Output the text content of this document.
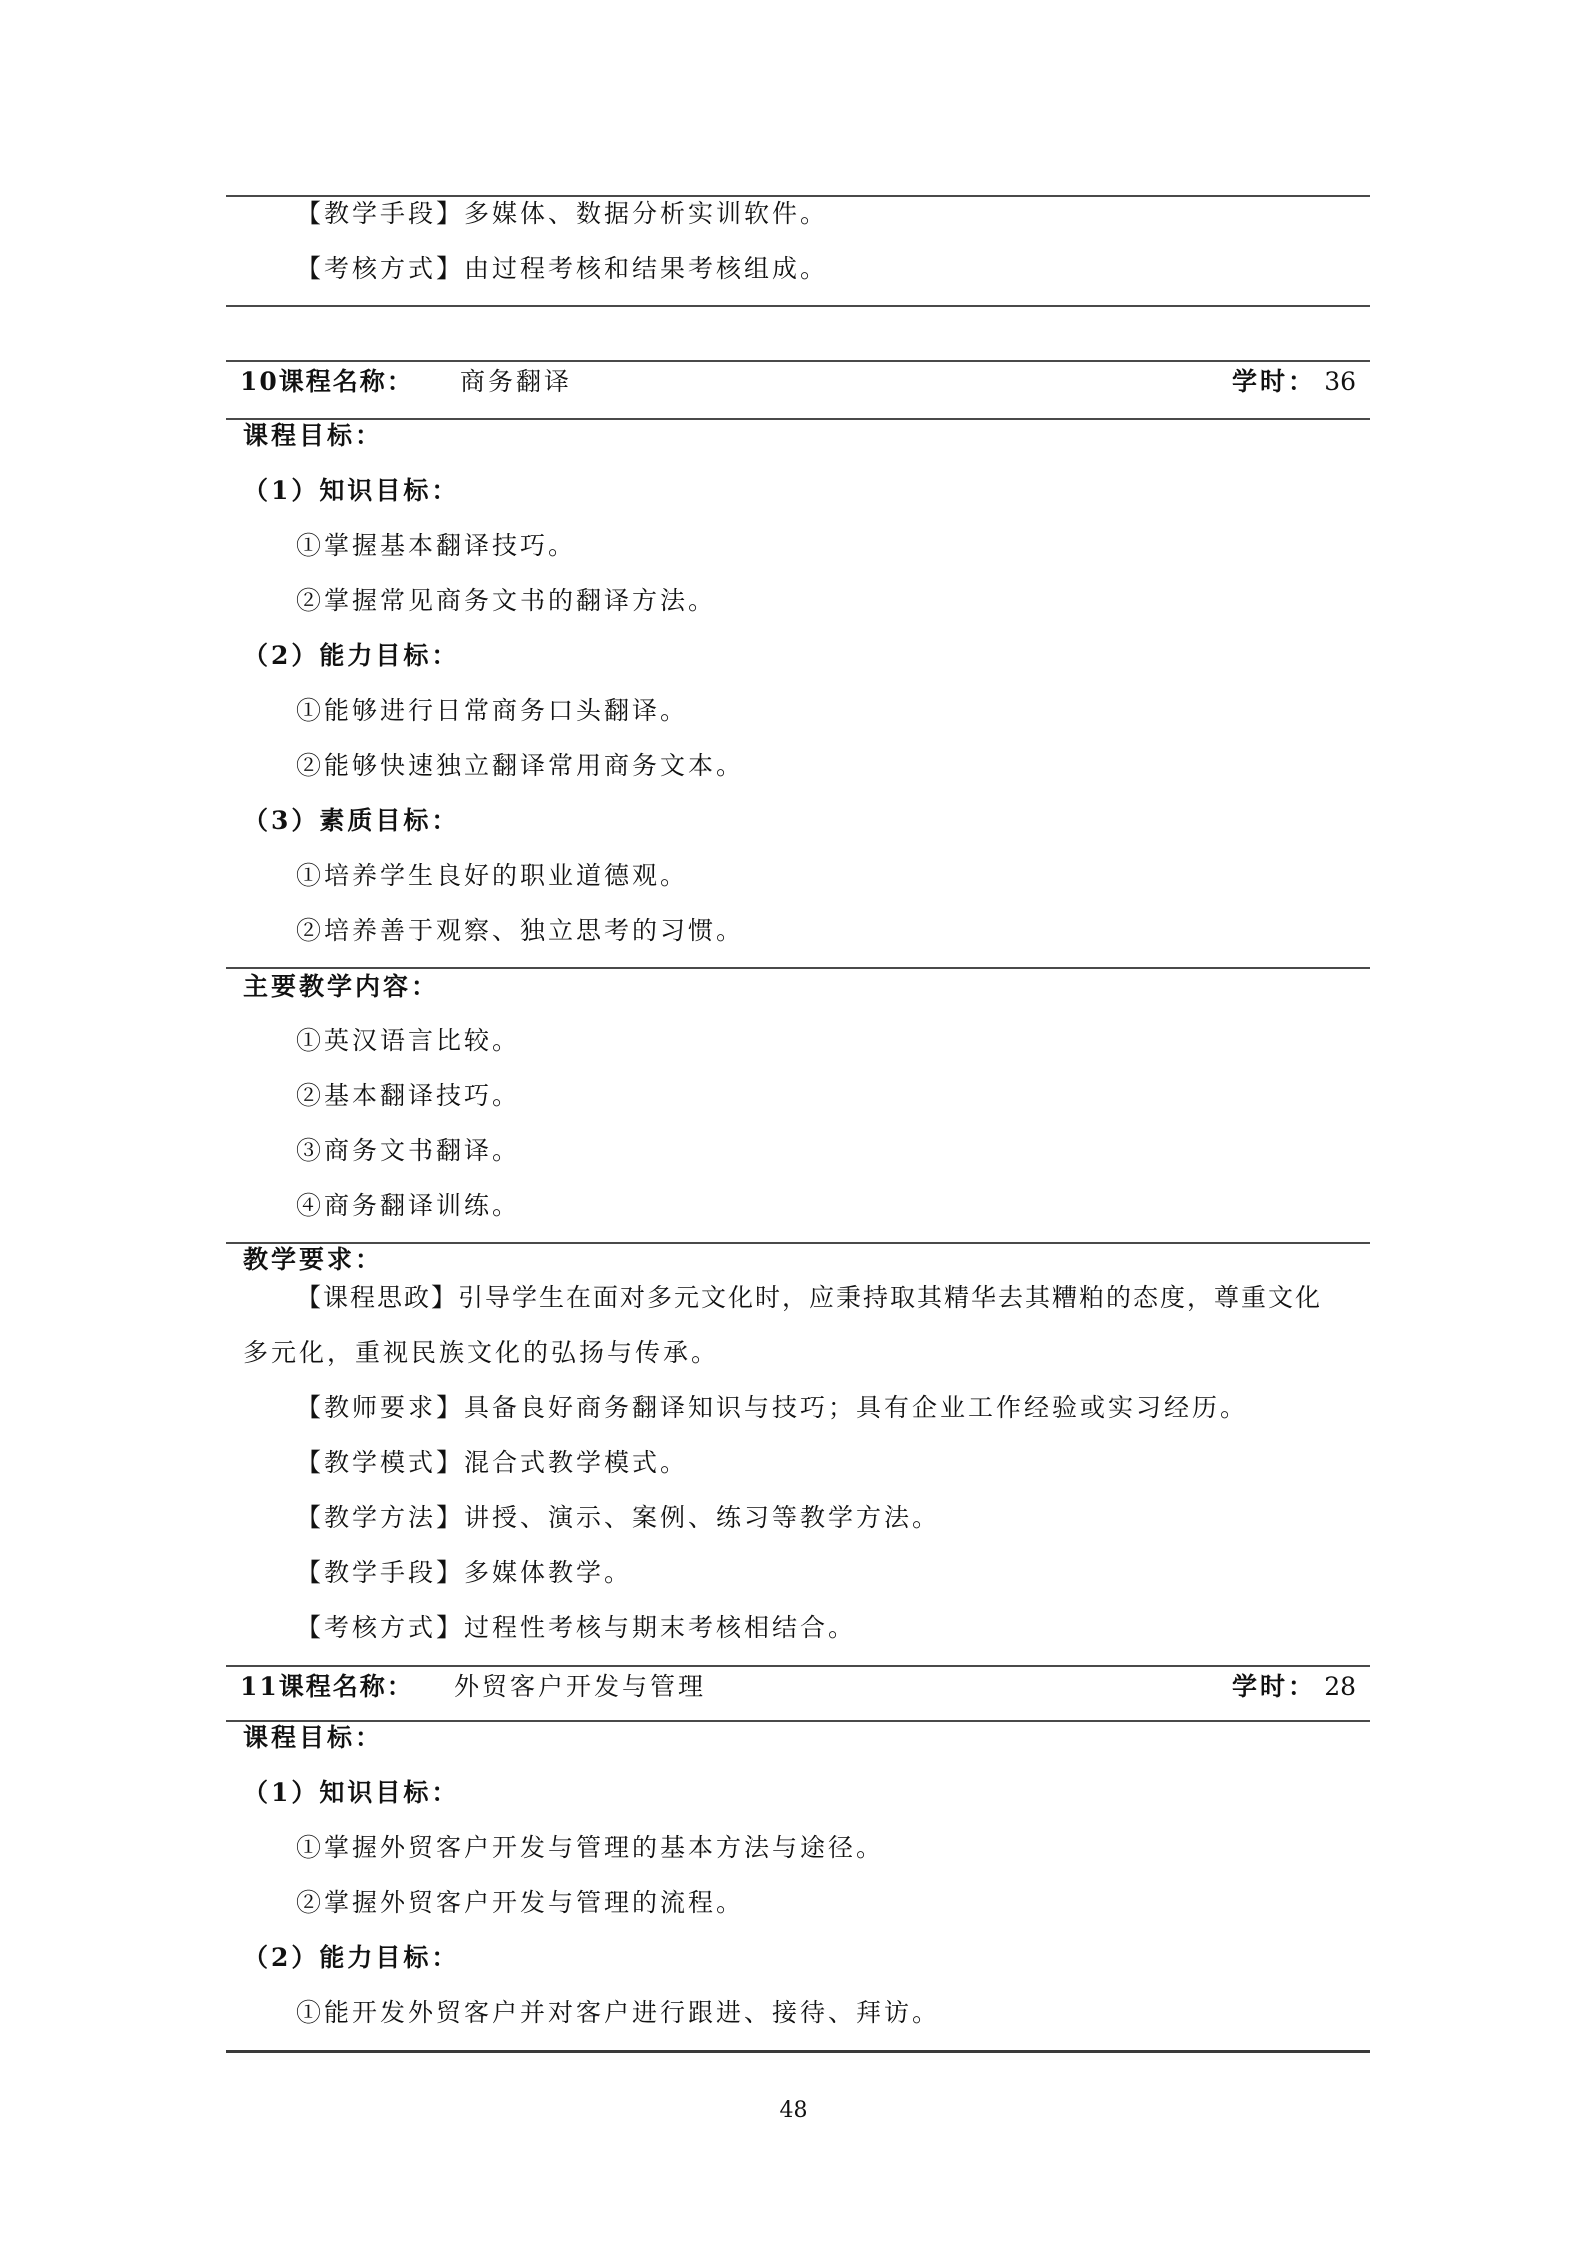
【教学手段】多媒体、数据分析实训软件。
【考核方式】由过程考核和结果考核组成。
10课程名称： 商务翻译	学时： 36
课程目标：
（1）知识目标：
①掌握基本翻译技巧。
②掌握常见商务文书的翻译方法。
（2）能力目标：
①能够进行日常商务口头翻译。
②能够快速独立翻译常用商务文本。
（3）素质目标：
①培养学生良好的职业道德观。
②培养善于观察、独立思考的习惯。
主要教学内容：
①英汉语言比较。
②基本翻译技巧。
③商务文书翻译。
④商务翻译训练。
教学要求：
【课程思政】引导学生在面对多元文化时，应秉持取其精华去其糟粕的态度，尊重文化
多元化，重视民族文化的弘扬与传承。
【教师要求】具备良好商务翻译知识与技巧；具有企业工作经验或实习经历。
【教学模式】混合式教学模式。
【教学方法】讲授、演示、案例、练习等教学方法。
【教学手段】多媒体教学。
【考核方式】过程性考核与期末考核相结合。
11课程名称： 外贸客户开发与管理	学时： 28
课程目标：
（1）知识目标：
①掌握外贸客户开发与管理的基本方法与途径。
②掌握外贸客户开发与管理的流程。
（2）能力目标：
①能开发外贸客户并对客户进行跟进、接待、拜访。
48
